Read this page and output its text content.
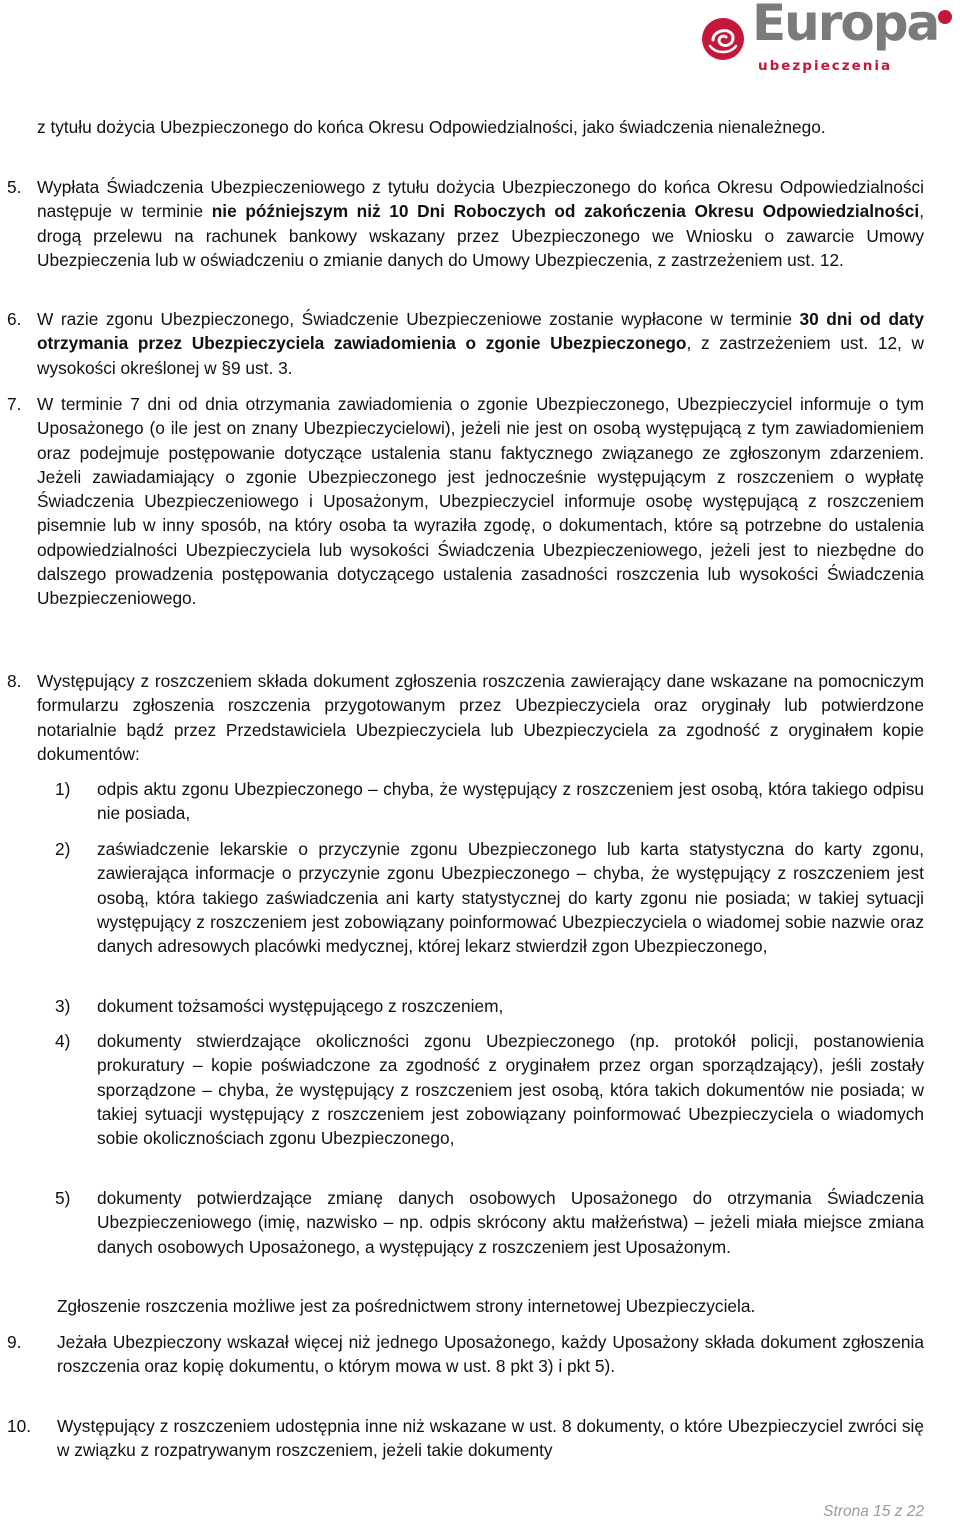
Europa
ubezpieczenia

z tytułu dożycia Ubezpieczonego do końca Okresu Odpowiedzialności, jako świadczenia nienależnego.

5. Wypłata Świadczenia Ubezpieczeniowego z tytułu dożycia Ubezpieczonego do końca Okresu Odpowiedzialności następuje w terminie nie późniejszym niż 10 Dni Roboczych od zakończenia Okresu Odpowiedzialności, drogą przelewu na rachunek bankowy wskazany przez Ubezpieczonego we Wniosku o zawarcie Umowy Ubezpieczenia lub w oświadczeniu o zmianie danych do Umowy Ubezpieczenia, z zastrzeżeniem ust. 12.

6. W razie zgonu Ubezpieczonego, Świadczenie Ubezpieczeniowe zostanie wypłacone w terminie 30 dni od daty otrzymania przez Ubezpieczyciela zawiadomienia o zgonie Ubezpieczonego, z zastrzeżeniem ust. 12, w wysokości określonej w §9 ust. 3.

7. W terminie 7 dni od dnia otrzymania zawiadomienia o zgonie Ubezpieczonego, Ubezpieczyciel informuje o tym Uposażonego (o ile jest on znany Ubezpieczycielowi), jeżeli nie jest on osobą występującą z tym zawiadomieniem oraz podejmuje postępowanie dotyczące ustalenia stanu faktycznego związanego ze zgłoszonym zdarzeniem. Jeżeli zawiadamiający o zgonie Ubezpieczonego jest jednocześnie występującym z roszczeniem o wypłatę Świadczenia Ubezpieczeniowego i Uposażonym, Ubezpieczyciel informuje osobę występującą z roszczeniem pisemnie lub w inny sposób, na który osoba ta wyraziła zgodę, o dokumentach, które są potrzebne do ustalenia odpowiedzialności Ubezpieczyciela lub wysokości Świadczenia Ubezpieczeniowego, jeżeli jest to niezbędne do dalszego prowadzenia postępowania dotyczącego ustalenia zasadności roszczenia lub wysokości Świadczenia Ubezpieczeniowego.

8. Występujący z roszczeniem składa dokument zgłoszenia roszczenia zawierający dane wskazane na pomocniczym formularzu zgłoszenia roszczenia przygotowanym przez Ubezpieczyciela oraz oryginały lub potwierdzone notarialnie bądź przez Przedstawiciela Ubezpieczyciela lub Ubezpieczyciela za zgodność z oryginałem kopie dokumentów:

1) odpis aktu zgonu Ubezpieczonego – chyba, że występujący z roszczeniem jest osobą, która takiego odpisu nie posiada,

2) zaświadczenie lekarskie o przyczynie zgonu Ubezpieczonego lub karta statystyczna do karty zgonu, zawierająca informacje o przyczynie zgonu Ubezpieczonego – chyba, że występujący z roszczeniem jest osobą, która takiego zaświadczenia ani karty statystycznej do karty zgonu nie posiada; w takiej sytuacji występujący z roszczeniem jest zobowiązany poinformować Ubezpieczyciela o wiadomej sobie nazwie oraz danych adresowych placówki medycznej, której lekarz stwierdził zgon Ubezpieczonego,

3) dokument tożsamości występującego z roszczeniem,

4) dokumenty stwierdzające okoliczności zgonu Ubezpieczonego (np. protokół policji, postanowienia prokuratury – kopie poświadczone za zgodność z oryginałem przez organ sporządzający), jeśli zostały sporządzone – chyba, że występujący z roszczeniem jest osobą, która takich dokumentów nie posiada; w takiej sytuacji występujący z roszczeniem jest zobowiązany poinformować Ubezpieczyciela o wiadomych sobie okolicznościach zgonu Ubezpieczonego,

5) dokumenty potwierdzające zmianę danych osobowych Uposażonego do otrzymania Świadczenia Ubezpieczeniowego (imię, nazwisko – np. odpis skrócony aktu małżeństwa) – jeżeli miała miejsce zmiana danych osobowych Uposażonego, a występujący z roszczeniem jest Uposażonym.

Zgłoszenie roszczenia możliwe jest za pośrednictwem strony internetowej Ubezpieczyciela.

9. Jeżała Ubezpieczony wskazał więcej niż jednego Uposażonego, każdy Uposażony składa dokument zgłoszenia roszczenia oraz kopię dokumentu, o którym mowa w ust. 8 pkt 3) i pkt 5).

10. Występujący z roszczeniem udostępnia inne niż wskazane w ust. 8 dokumenty, o które Ubezpieczyciel zwróci się w związku z rozpatrywanym roszczeniem, jeżeli takie dokumenty

Strona 15 z 22
